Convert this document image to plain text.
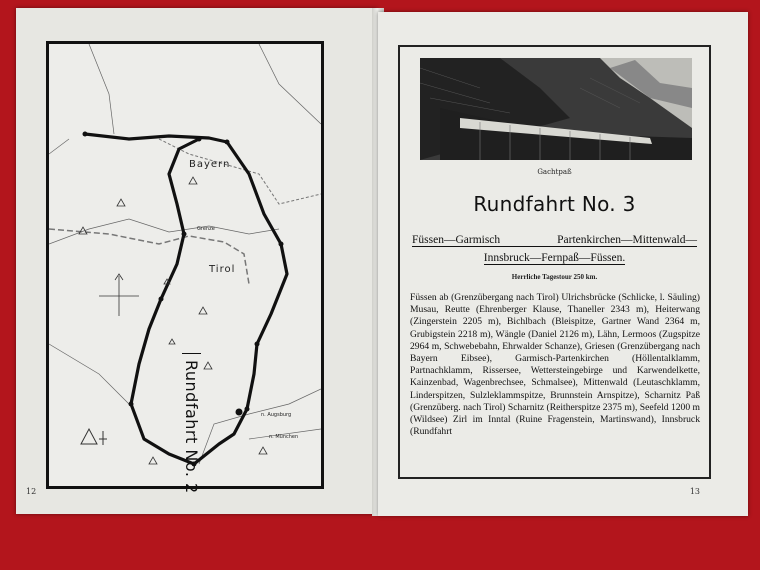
Bayern
Tirol
Grenze
n. Augsburg
n. München
Rundfahrt No. 2
12
Gachtpaß
Rundfahrt No. 3
Füssen—Garmisch Partenkirchen—Mittenwald—
Innsbruck—Fernpaß—Füssen.
Herrliche Tagestour 250 km.

Füssen ab (Grenzübergang nach Tirol) Ulrichsbrücke (Schlicke, l. Säuling) Musau, Reutte (Ehrenberger Klause, Thaneller 2343 m), Heiterwang (Zingerstein 2205 m), Bichlbach (Bleispitze, Gartner Wand 2364 m, Grubigstein 2218 m), Wängle (Daniel 2126 m), Lähn, Lermoos (Zugspitze 2964 m, Schwebebahn, Ehrwalder Schanze), Griesen (Grenzübergang nach Bayern Eibsee), Garmisch-Partenkirchen (Höllentalklamm, Partnachklamm, Rissersee, Wettersteingebirge und Karwendelkette, Kainzenbad, Wagenbrechsee, Schmalsee), Mittenwald (Leutaschklamm, Linderspitzen, Sulzleklammspitze, Brunnstein Arnspitze), Scharnitz Paß (Grenzüberg. nach Tirol) Scharnitz (Reitherspitze 2375 m), Seefeld 1200 m (Wildsee) Zirl im Inntal (Ruine Fragenstein, Martinswand), Innsbruck (Rundfahrt

13
